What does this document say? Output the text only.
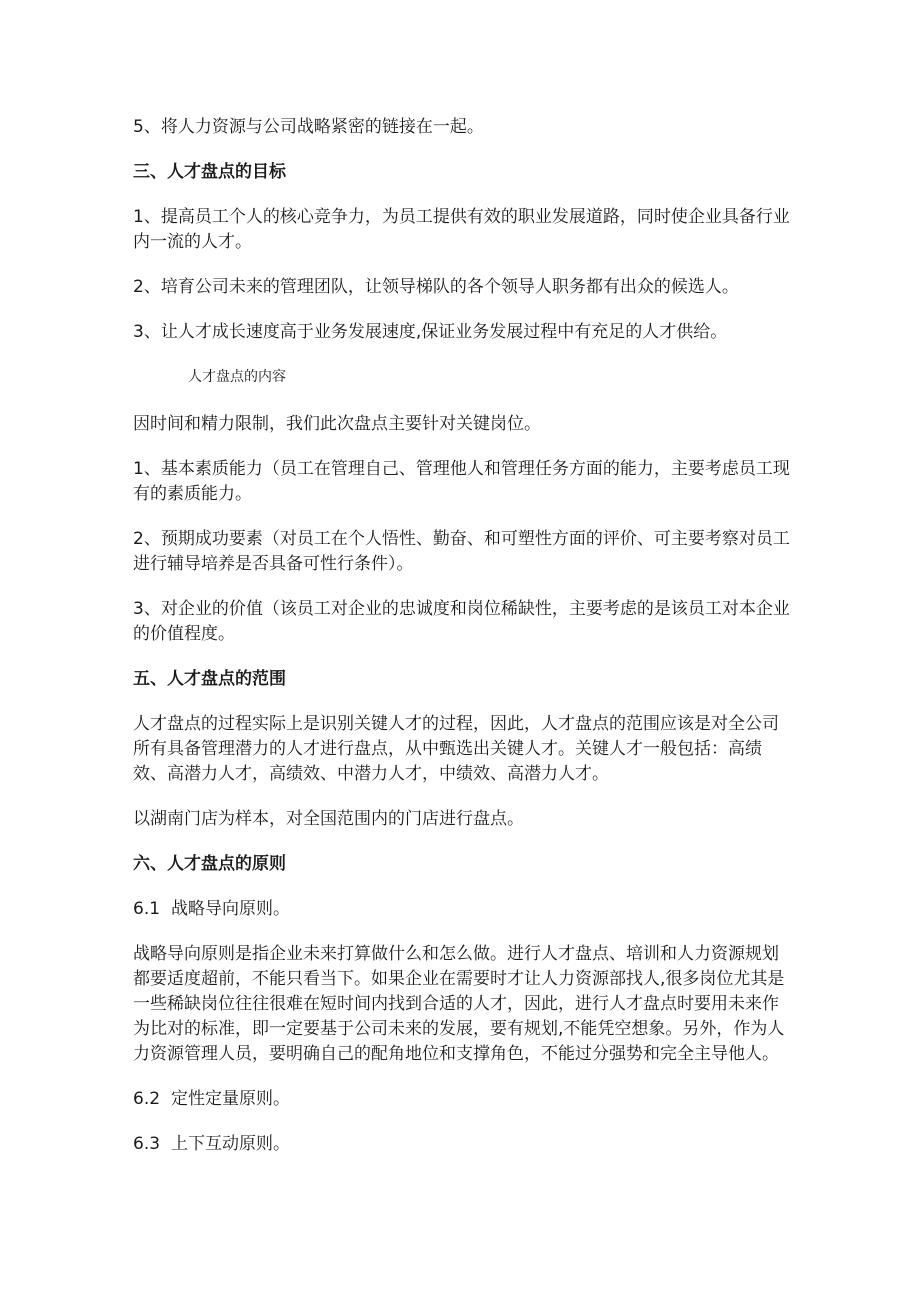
5、将人力资源与公司战略紧密的链接在一起。

三、人才盘点的目标

1、提高员工个人的核心竞争力，为员工提供有效的职业发展道路，同时使企业具备行业内一流的人才。

2、培育公司未来的管理团队，让领导梯队的各个领导人职务都有出众的候选人。

3、让人才成长速度高于业务发展速度,保证业务发展过程中有充足的人才供给。

人才盘点的内容

因时间和精力限制，我们此次盘点主要针对关键岗位。

1、基本素质能力（员工在管理自己、管理他人和管理任务方面的能力，主要考虑员工现有的素质能力。

2、预期成功要素（对员工在个人悟性、勤奋、和可塑性方面的评价、可主要考察对员工进行辅导培养是否具备可性行条件）。

3、对企业的价值（该员工对企业的忠诚度和岗位稀缺性，主要考虑的是该员工对本企业的价值程度。

五、人才盘点的范围

人才盘点的过程实际上是识别关键人才的过程，因此，人才盘点的范围应该是对全公司所有具备管理潜力的人才进行盘点，从中甄选出关键人才。关键人才一般包括：高绩效、高潜力人才，高绩效、中潜力人才，中绩效、高潜力人才。

以湖南门店为样本，对全国范围内的门店进行盘点。

六、人才盘点的原则

6.1 战略导向原则。

战略导向原则是指企业未来打算做什么和怎么做。进行人才盘点、培训和人力资源规划都要适度超前，不能只看当下。如果企业在需要时才让人力资源部找人,很多岗位尤其是一些稀缺岗位往往很难在短时间内找到合适的人才，因此，进行人才盘点时要用未来作为比对的标准，即一定要基于公司未来的发展，要有规划,不能凭空想象。另外，作为人力资源管理人员，要明确自己的配角地位和支撑角色，不能过分强势和完全主导他人。

6.2 定性定量原则。

6.3 上下互动原则。
